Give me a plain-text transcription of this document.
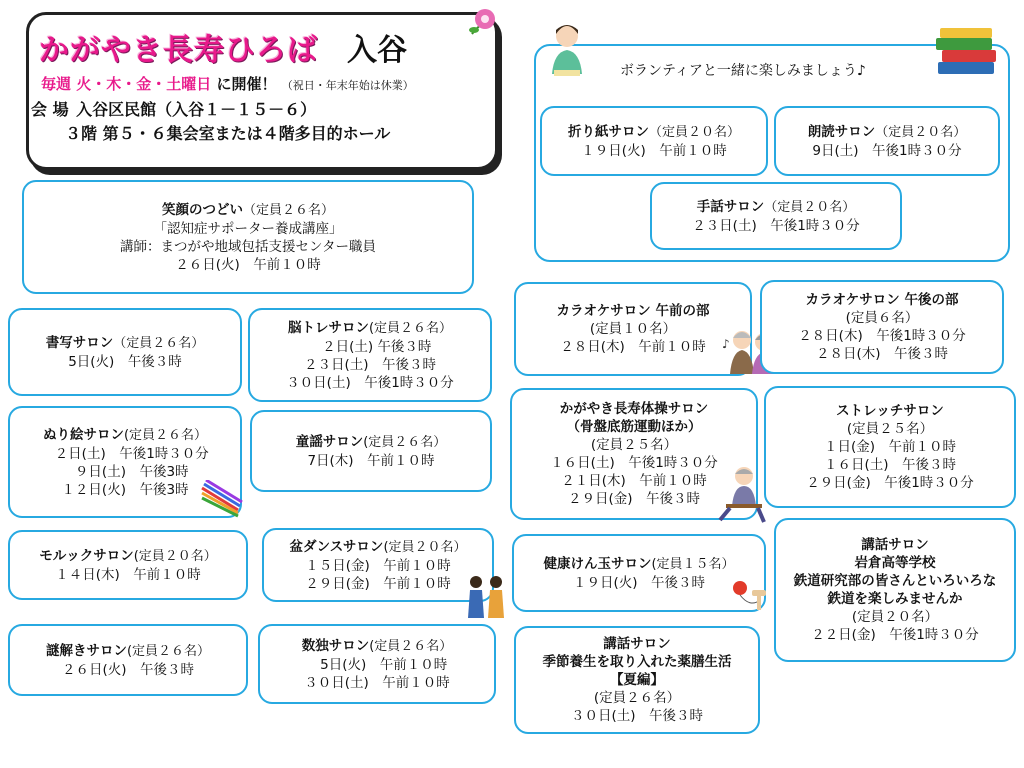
かがやき長寿ひろば 入谷
毎週 火・木・金・土曜日 に開催！ （祝日・年末年始は休業）
会 場 入谷区民館（入谷１－１５－６）
３階 第５・６集会室または４階多目的ホール
ボランティアと一緒に楽しみましょう♪
笑顔のつどい（定員２６名）
「認知症サポーター養成講座」
講師：まつがや地域包括支援センター職員
２６日(火)　午前１０時
書写サロン（定員２６名）
5日(火)　午後３時
脳トレサロン(定員２６名）
　２日(土) 午後３時
２３日(土)　午後３時
３０日(土)　午後1時３０分
ぬり絵サロン(定員２６名）
　２日(土)　午後1時３０分
　９日(土)　午後3時
１２日(火)　午後3時
童謡サロン(定員２６名）
7日(木)　午前１０時
モルックサロン(定員２０名）
１４日(木)　午前１０時
盆ダンスサロン(定員２０名）
１５日(金)　午前１０時
２９日(金)　午前１０時
謎解きサロン(定員２６名）
２６日(火)　午後３時
数独サロン(定員２６名）
　5日(火)　午前１０時
３０日(土)　午前１０時
折り紙サロン（定員２０名）
１９日(火)　午前１０時
朗読サロン（定員２０名）
9日(土)　午後1時３０分
手話サロン（定員２０名）
２３日(土)　午後1時３０分
カラオケサロン 午前の部
(定員１０名）
２８日(木)　午前１０時 ♪
カラオケサロン 午後の部
(定員６名）
２８日(木)　午後1時３０分
２８日(木)　午後３時
かがやき長寿体操サロン
（骨盤底筋運動ほか）
(定員２５名）
１６日(土)　午後1時３０分
２１日(木)　午前１０時
２９日(金)　午後３時
ストレッチサロン
(定員２５名）
１日(金)　午前１０時
１６日(土)　午後３時
２９日(金)　午後1時３０分
健康けん玉サロン(定員１５名）
１９日(火)　午後３時
講話サロン
岩倉高等学校
鉄道研究部の皆さんといろいろな
鉄道を楽しみませんか
(定員２０名）
２２日(金)　午後1時３０分
講話サロン
季節養生を取り入れた薬膳生活
【夏編】
(定員２６名）
３０日(土)　午後３時
